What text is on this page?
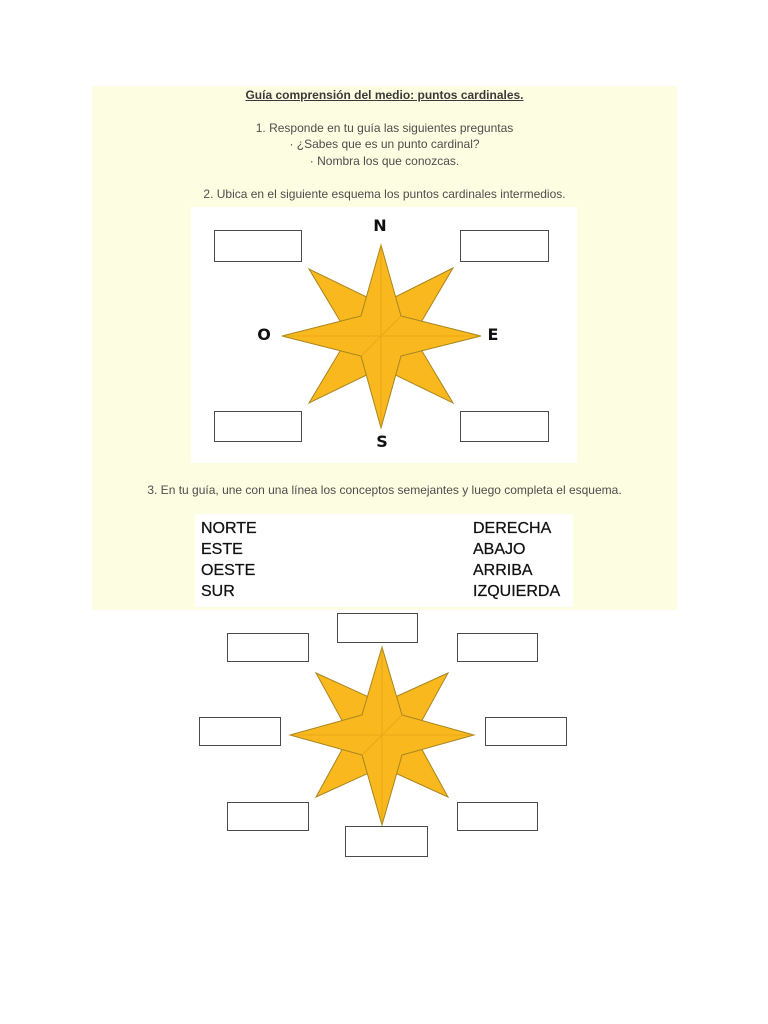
Guía comprensión del medio: puntos cardinales.
1. Responde en tu guía las siguientes preguntas
· ¿Sabes que es un punto cardinal?
· Nombra los que conozcas.
2. Ubica en el siguiente esquema los puntos cardinales intermedios.
N
O	E
S
3. En tu guía, une con una línea los conceptos semejantes y luego completa el esquema.
NORTE
ESTE
OESTE
SUR
DERECHA
ABAJO
ARRIBA
IZQUIERDA
